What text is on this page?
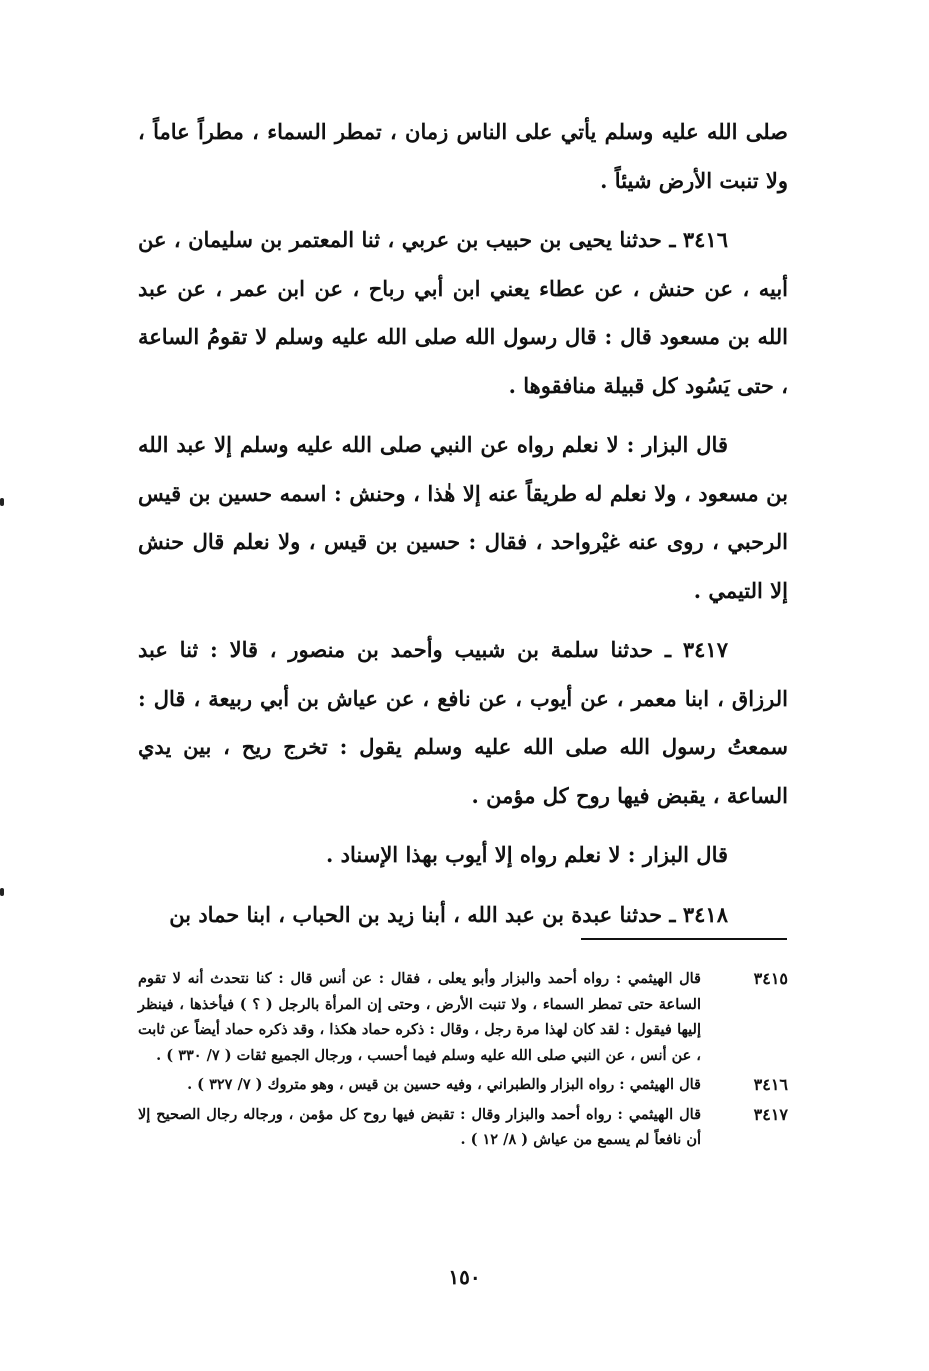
صلى الله عليه وسلم يأتي على الناس زمان ، تمطر السماء ، مطراً عاماً ، ولا تنبت الأرض شيئاً .

٣٤١٦ ـ حدثنا يحيى بن حبيب بن عربي ، ثنا المعتمر بن سليمان ، عن أبيه ، عن حنش ، عن عطاء يعني ابن أبي رباح ، عن ابن عمر ، عن عبد الله بن مسعود قال : قال رسول الله صلى الله عليه وسلم لا تقومُ الساعة ، حتى يَسُود كل قبيلة منافقوها .

قال البزار : لا نعلم رواه عن النبي صلى الله عليه وسلم إلا عبد الله بن مسعود ، ولا نعلم له طريقاً عنه إلا هٰذا ، وحنش : اسمه حسين بن قيس الرحبي ، روى عنه غيْرواحد ، فقال : حسين بن قيس ، ولا نعلم قال حنش إلا التيمي .

٣٤١٧ ـ حدثنا سلمة بن شبيب وأحمد بن منصور ، قالا : ثنا عبد الرزاق ، ابنا معمر ، عن أيوب ، عن نافع ، عن عياش بن أبي ربيعة ، قال : سمعتُ رسول الله صلى الله عليه وسلم يقول : تخرج ريح ، بين يدي الساعة ، يقبض فيها روح كل مؤمن .

قال البزار : لا نعلم رواه إلا أيوب بهذا الإسناد .

٣٤١٨ ـ حدثنا عبدة بن عبد الله ، أبنا زيد بن الحباب ، ابنا حماد بن

٣٤١٥
قال الهيثمي : رواه أحمد والبزار وأبو يعلى ، فقال : عن أنس قال : كنا نتحدث أنه لا تقوم الساعة حتى تمطر السماء ، ولا تنبت الأرض ، وحتى إن المرأة بالرجل ( ؟ ) فيأخذها ، فينظر إليها فيقول : لقد كان لهذا مرة رجل ، وقال : ذكره حماد هكذا ، وقد ذكره حماد أيضاً عن ثابت ، عن أنس ، عن النبي صلى الله عليه وسلم فيما أحسب ، ورجال الجميع ثقات ( ٧/ ٣٣٠ ) .
٣٤١٦
قال الهيثمي : رواه البزار والطبراني ، وفيه حسين بن قيس ، وهو متروك ( ٧/ ٣٢٧ ) .
٣٤١٧
قال الهيثمي : رواه أحمد والبزار وقال : تقبض فيها روح كل مؤمن ، ورجاله رجال الصحيح إلا أن نافعاً لم يسمع من عياش ( ٨/ ١٢ ) .
١٥٠
